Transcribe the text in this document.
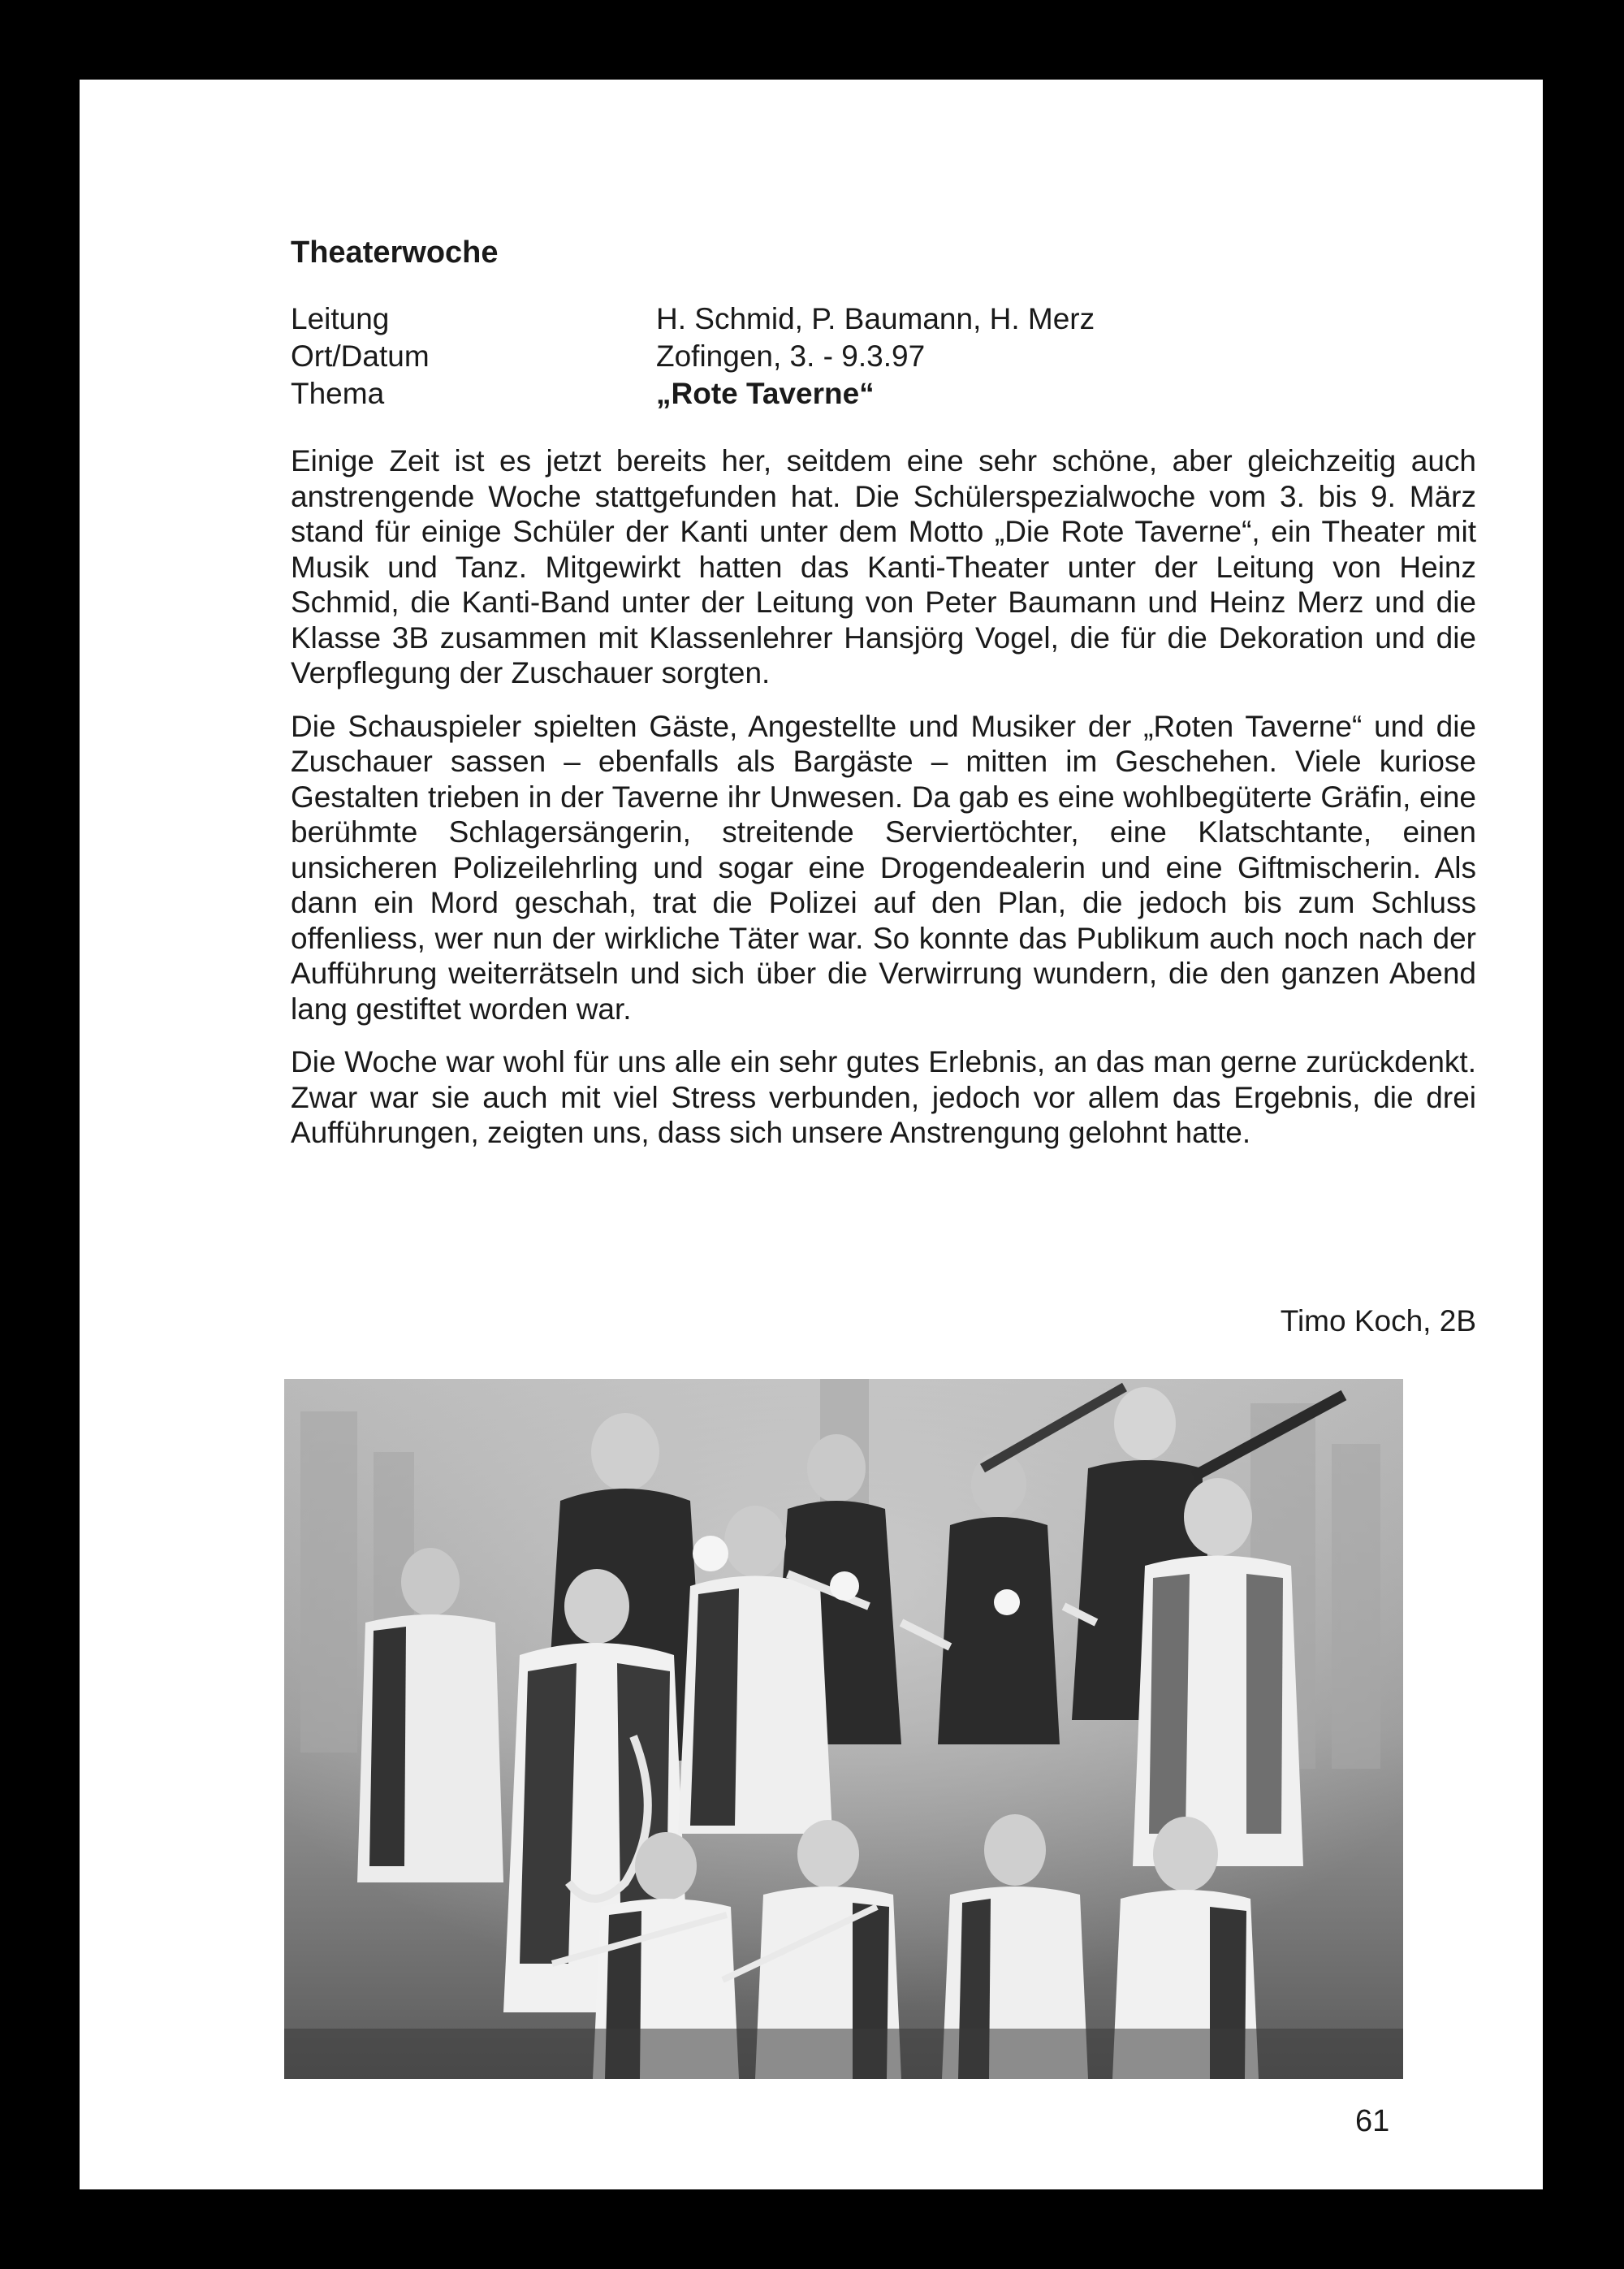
Theaterwoche
Leitung	H. Schmid, P. Baumann, H. Merz
Ort/Datum	Zofingen, 3. - 9.3.97
Thema	„Rote Taverne“

Einige Zeit ist es jetzt bereits her, seitdem eine sehr schöne, aber gleichzeitig auch anstrengende Woche stattgefunden hat. Die Schülerspezialwoche vom 3. bis 9. März stand für einige Schüler der Kanti unter dem Motto „Die Rote Taverne“, ein Theater mit Musik und Tanz. Mitgewirkt hatten das Kanti-Theater unter der Leitung von Heinz Schmid, die Kanti-Band unter der Leitung von Peter Baumann und Heinz Merz und die Klasse 3B zusammen mit Klassenlehrer Hansjörg Vogel, die für die Dekoration und die Verpflegung der Zuschauer sorgten.

Die Schauspieler spielten Gäste, Angestellte und Musiker der „Roten Taverne“ und die Zuschauer sassen – ebenfalls als Bargäste – mitten im Geschehen. Viele kuriose Gestalten trieben in der Taverne ihr Unwesen. Da gab es eine wohlbegüterte Gräfin, eine berühmte Schlagersängerin, streitende Serviertöchter, eine Klatschtante, einen unsicheren Polizeilehrling und sogar eine Drogendealerin und eine Giftmischerin. Als dann ein Mord geschah, trat die Polizei auf den Plan, die jedoch bis zum Schluss offenliess, wer nun der wirkliche Täter war. So konnte das Publikum auch noch nach der Aufführung weiterrätseln und sich über die Verwirrung wundern, die den ganzen Abend lang gestiftet worden war.

Die Woche war wohl für uns alle ein sehr gutes Erlebnis, an das man gerne zurückdenkt. Zwar war sie auch mit viel Stress verbunden, jedoch vor allem das Ergebnis, die drei Aufführungen, zeigten uns, dass sich unsere Anstrengung gelohnt hatte.

Timo Koch, 2B
61
